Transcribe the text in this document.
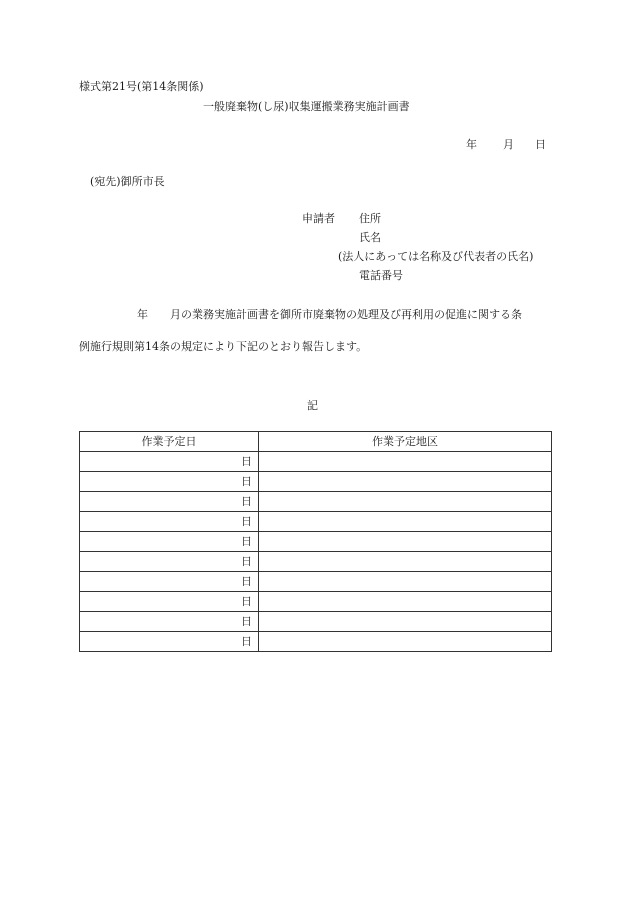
様式第21号(第14条関係)
一般廃棄物(し尿)収集運搬業務実施計画書
年 月 日
(宛先)御所市長
申請者 住所
氏名
(法人にあっては名称及び代表者の氏名)
電話番号
年　　月の業務実施計画書を御所市廃棄物の処理及び再利用の促進に関する条
例施行規則第14条の規定により下記のとおり報告します。
記
作業予定日	作業予定地区
日	
日	
日	
日	
日	
日	
日	
日	
日	
日	
